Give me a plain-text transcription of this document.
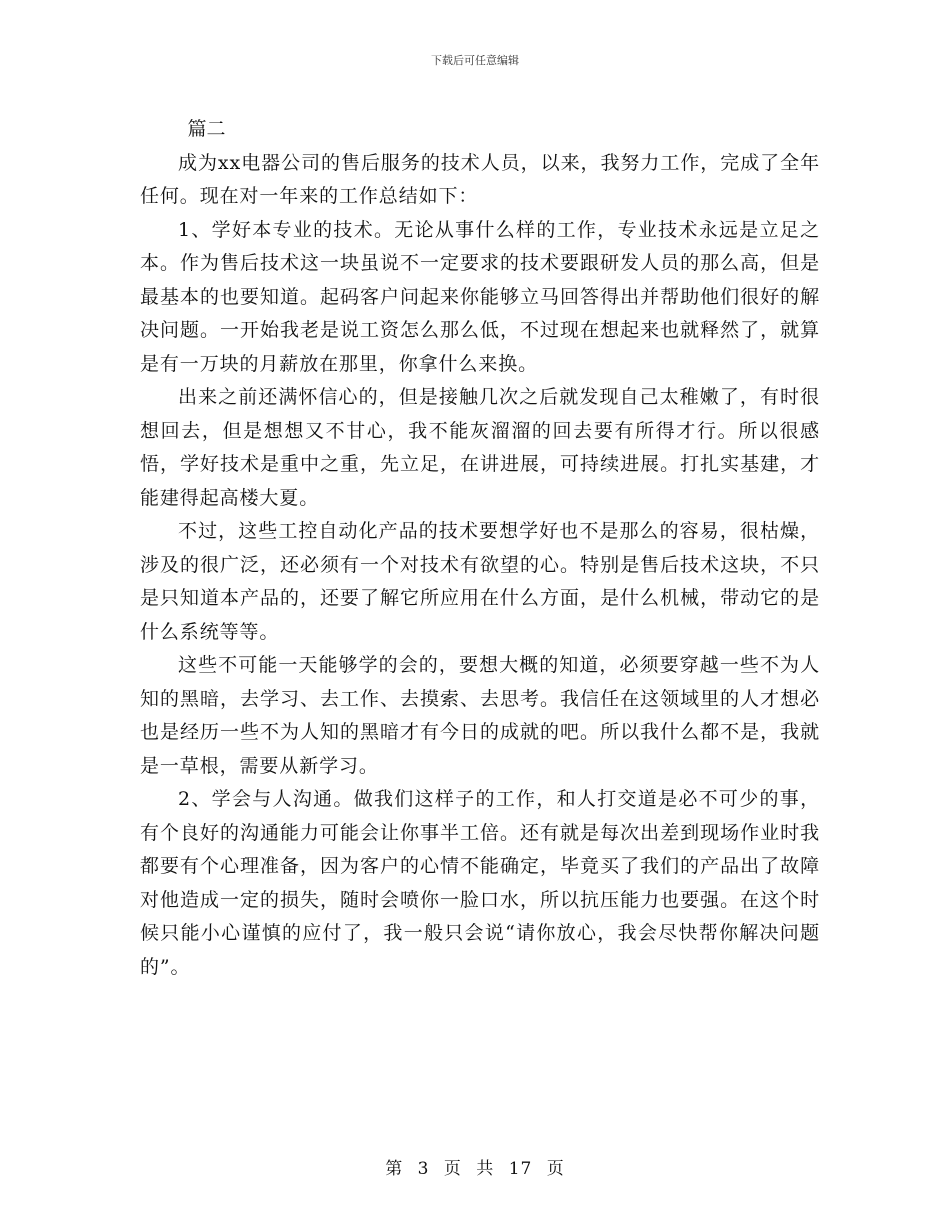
下载后可任意编辑

篇二

成为xx电器公司的售后服务的技术人员，以来，我努力工作，完成了全年任何。现在对一年来的工作总结如下：

1、学好本专业的技术。无论从事什么样的工作，专业技术永远是立足之本。作为售后技术这一块虽说不一定要求的技术要跟研发人员的那么高，但是最基本的也要知道。起码客户问起来你能够立马回答得出并帮助他们很好的解决问题。一开始我老是说工资怎么那么低，不过现在想起来也就释然了，就算是有一万块的月薪放在那里，你拿什么来换。

出来之前还满怀信心的，但是接触几次之后就发现自己太稚嫩了，有时很想回去，但是想想又不甘心，我不能灰溜溜的回去要有所得才行。所以很感悟，学好技术是重中之重，先立足，在讲进展，可持续进展。打扎实基建，才能建得起高楼大夏。

不过，这些工控自动化产品的技术要想学好也不是那么的容易，很枯燥，涉及的很广泛，还必须有一个对技术有欲望的心。特别是售后技术这块，不只是只知道本产品的，还要了解它所应用在什么方面，是什么机械，带动它的是什么系统等等。

这些不可能一天能够学的会的，要想大概的知道，必须要穿越一些不为人知的黑暗，去学习、去工作、去摸索、去思考。我信任在这领域里的人才想必也是经历一些不为人知的黑暗才有今日的成就的吧。所以我什么都不是，我就是一草根，需要从新学习。

2、学会与人沟通。做我们这样子的工作，和人打交道是必不可少的事，有个良好的沟通能力可能会让你事半工倍。还有就是每次出差到现场作业时我都要有个心理准备，因为客户的心情不能确定，毕竟买了我们的产品出了故障对他造成一定的损失，随时会喷你一脸口水，所以抗压能力也要强。在这个时候只能小心谨慎的应付了，我一般只会说“请你放心，我会尽快帮你解决问题的”。

第 3 页 共 17 页
